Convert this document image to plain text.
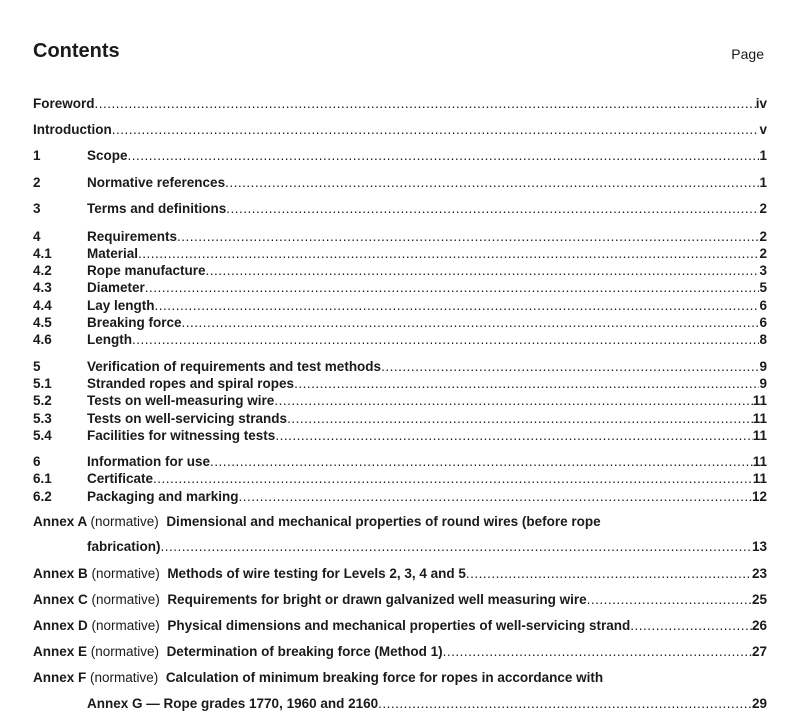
Contents	Page
Foreword .....	iv
Introduction .....	v
1	Scope .....	1
2	Normative references .....	1
3	Terms and definitions .....	2
4	Requirements .....	2
4.1	Material .....	2
4.2	Rope manufacture .....	3
4.3	Diameter .....	5
4.4	Lay length .....	6
4.5	Breaking force .....	6
4.6	Length .....	8
5	Verification of requirements and test methods .....	9
5.1	Stranded ropes and spiral ropes .....	9
5.2	Tests on well-measuring wire .....	11
5.3	Tests on well-servicing strands .....	11
5.4	Facilities for witnessing tests .....	11
6	Information for use .....	11
6.1	Certificate .....	11
6.2	Packaging and marking .....	12
Annex A (normative) Dimensional and mechanical properties of round wires (before rope
fabrication) .....	13
Annex B (normative) Methods of wire testing for Levels 2, 3, 4 and 5 .....	23
Annex C (normative) Requirements for bright or drawn galvanized well measuring wire .....	25
Annex D (normative) Physical dimensions and mechanical properties of well-servicing strand .....	26
Annex E (normative) Determination of breaking force (Method 1) .....	27
Annex F (normative) Calculation of minimum breaking force for ropes in accordance with
Annex G — Rope grades 1770, 1960 and 2160 .....	29
